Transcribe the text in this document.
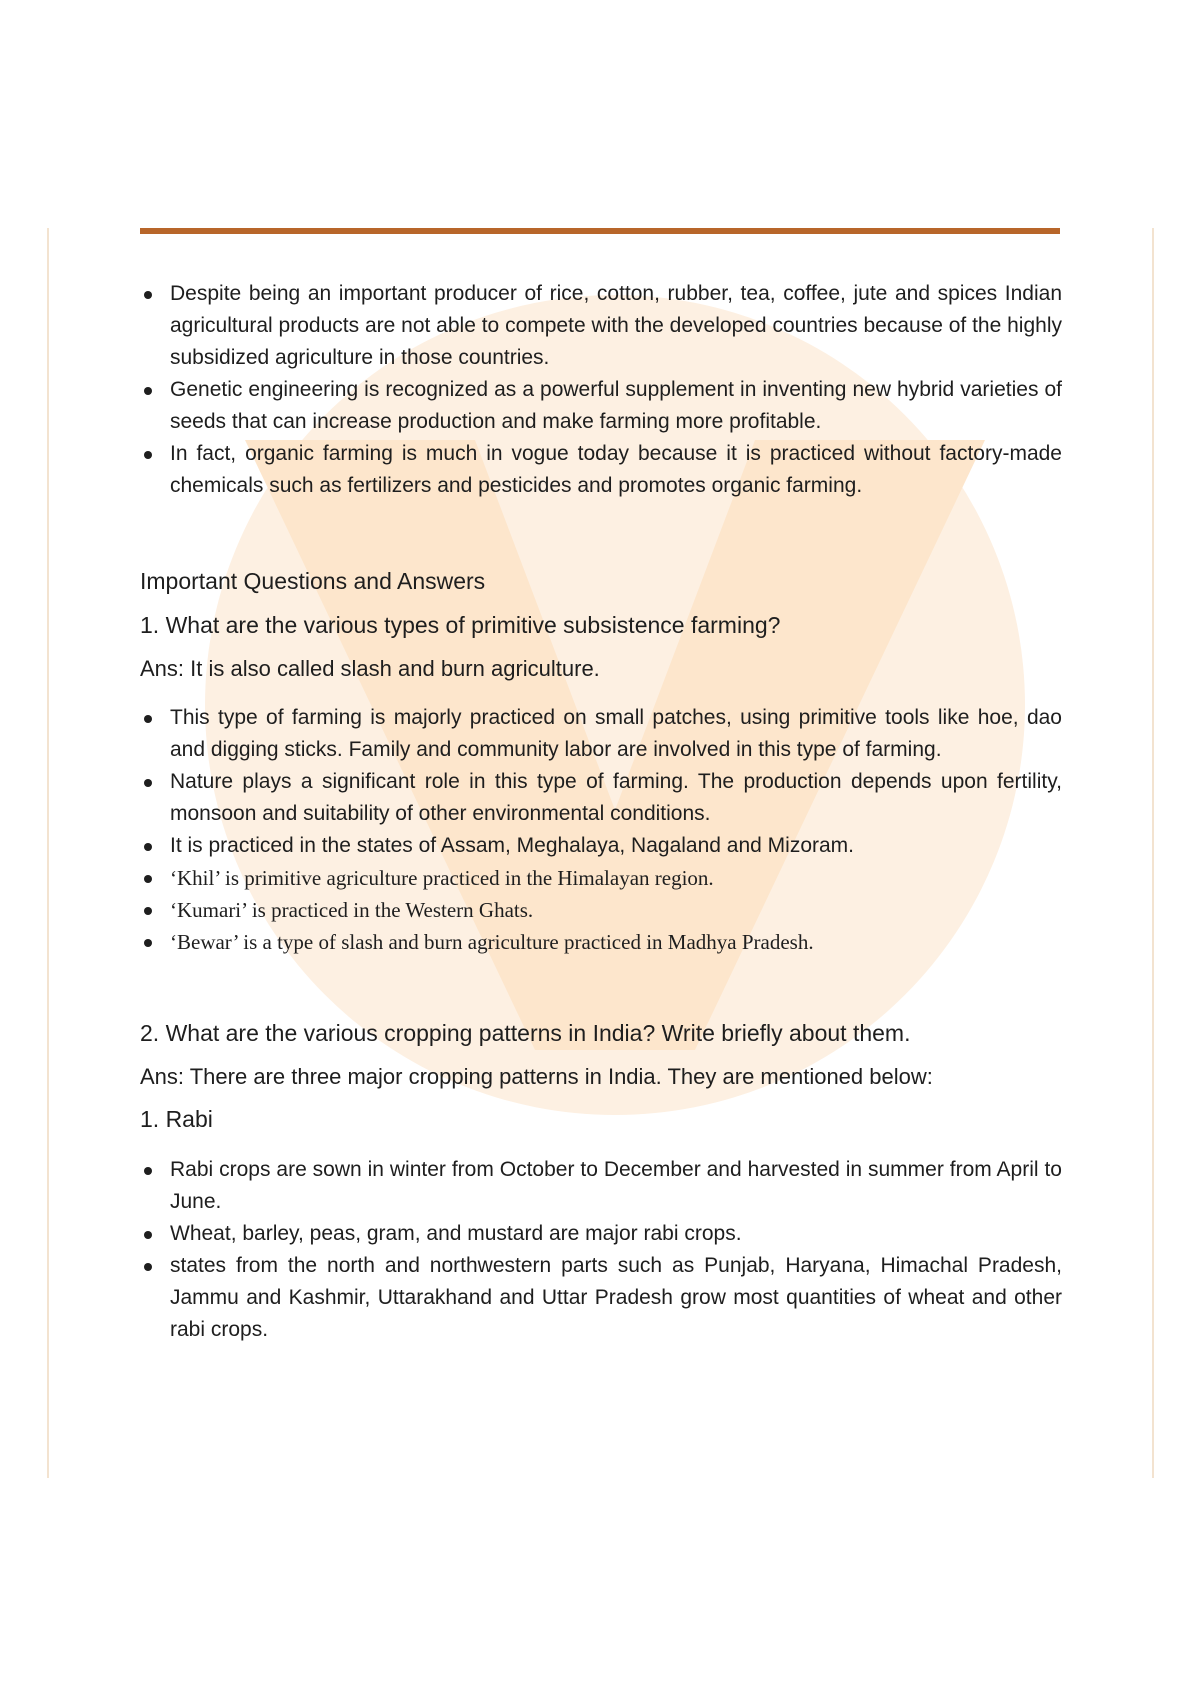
Despite being an important producer of rice, cotton, rubber, tea, coffee, jute and spices Indian agricultural products are not able to compete with the developed countries because of the highly subsidized agriculture in those countries.
Genetic engineering is recognized as a powerful supplement in inventing new hybrid varieties of seeds that can increase production and make farming more profitable.
In fact, organic farming is much in vogue today because it is practiced without factory-made chemicals such as fertilizers and pesticides and promotes organic farming.

Important Questions and Answers

1. What are the various types of primitive subsistence farming?

Ans: It is also called slash and burn agriculture.

This type of farming is majorly practiced on small patches, using primitive tools like hoe, dao and digging sticks. Family and community labor are involved in this type of farming.
Nature plays a significant role in this type of farming. The production depends upon fertility, monsoon and suitability of other environmental conditions.
It is practiced in the states of Assam, Meghalaya, Nagaland and Mizoram.
‘Khil’ is primitive agriculture practiced in the Himalayan region.
‘Kumari’ is practiced in the Western Ghats.
‘Bewar’ is a type of slash and burn agriculture practiced in Madhya Pradesh.

2. What are the various cropping patterns in India? Write briefly about them.

Ans: There are three major cropping patterns in India. They are mentioned below:

1. Rabi

Rabi crops are sown in winter from October to December and harvested in summer from April to June.
Wheat, barley, peas, gram, and mustard are major rabi crops.
states from the north and northwestern parts such as Punjab, Haryana, Himachal Pradesh, Jammu and Kashmir, Uttarakhand and Uttar Pradesh grow most quantities of wheat and other rabi crops.
